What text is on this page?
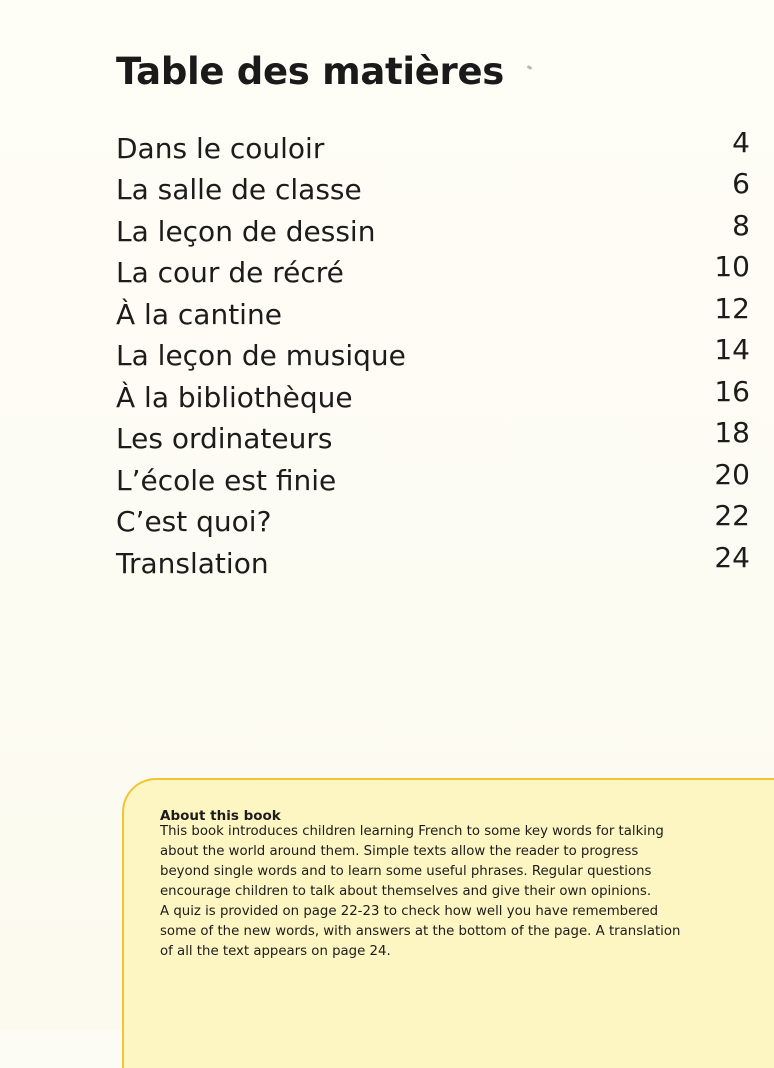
Table des matières
Dans le couloir	4
La salle de classe	6
La leçon de dessin	8
La cour de récré	10
À la cantine	12
La leçon de musique	14
À la bibliothèque	16
Les ordinateurs	18
L’école est finie	20
C’est quoi?	22
Translation	24
About this book
This book introduces children learning French to some key words for talking
about the world around them. Simple texts allow the reader to progress
beyond single words and to learn some useful phrases. Regular questions
encourage children to talk about themselves and give their own opinions.
A quiz is provided on page 22-23 to check how well you have remembered
some of the new words, with answers at the bottom of the page. A translation
of all the text appears on page 24.
